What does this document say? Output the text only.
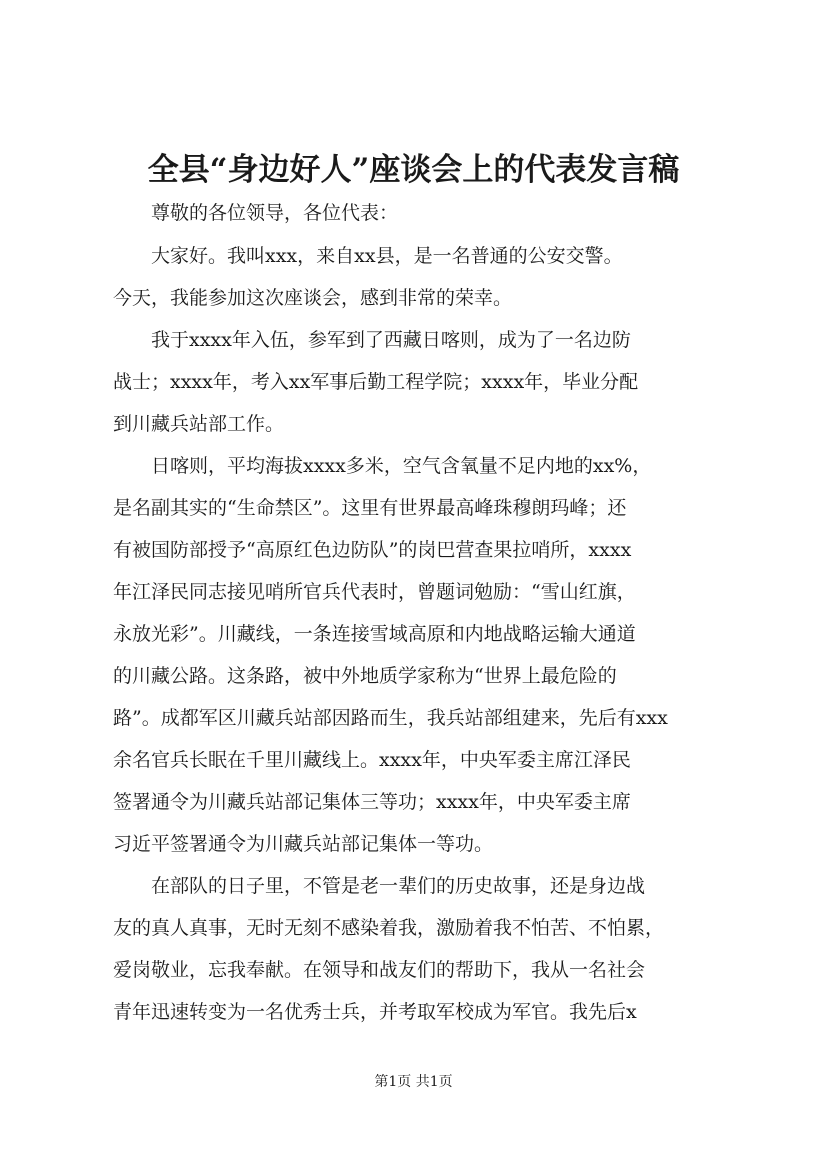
全县“身边好人”座谈会上的代表发言稿
　　尊敬的各位领导，各位代表：
　　大家好。我叫xxx，来自xx县，是一名普通的公安交警。
今天，我能参加这次座谈会，感到非常的荣幸。
　　我于xxxx年入伍，参军到了西藏日喀则，成为了一名边防
战士；xxxx年，考入xx军事后勤工程学院；xxxx年，毕业分配
到川藏兵站部工作。
　　日喀则，平均海拔xxxx多米，空气含氧量不足内地的xx%，
是名副其实的“生命禁区”。这里有世界最高峰珠穆朗玛峰；还
有被国防部授予“高原红色边防队”的岗巴营查果拉哨所，xxxx
年江泽民同志接见哨所官兵代表时，曾题词勉励：“雪山红旗，
永放光彩”。川藏线，一条连接雪域高原和内地战略运输大通道
的川藏公路。这条路，被中外地质学家称为“世界上最危险的
路”。成都军区川藏兵站部因路而生，我兵站部组建来，先后有xxx
余名官兵长眠在千里川藏线上。xxxx年，中央军委主席江泽民
签署通令为川藏兵站部记集体三等功；xxxx年，中央军委主席
习近平签署通令为川藏兵站部记集体一等功。
　　在部队的日子里，不管是老一辈们的历史故事，还是身边战
友的真人真事，无时无刻不感染着我，激励着我不怕苦、不怕累，
爱岗敬业，忘我奉献。在领导和战友们的帮助下，我从一名社会
青年迅速转变为一名优秀士兵，并考取军校成为军官。我先后x
第1页 共1页
